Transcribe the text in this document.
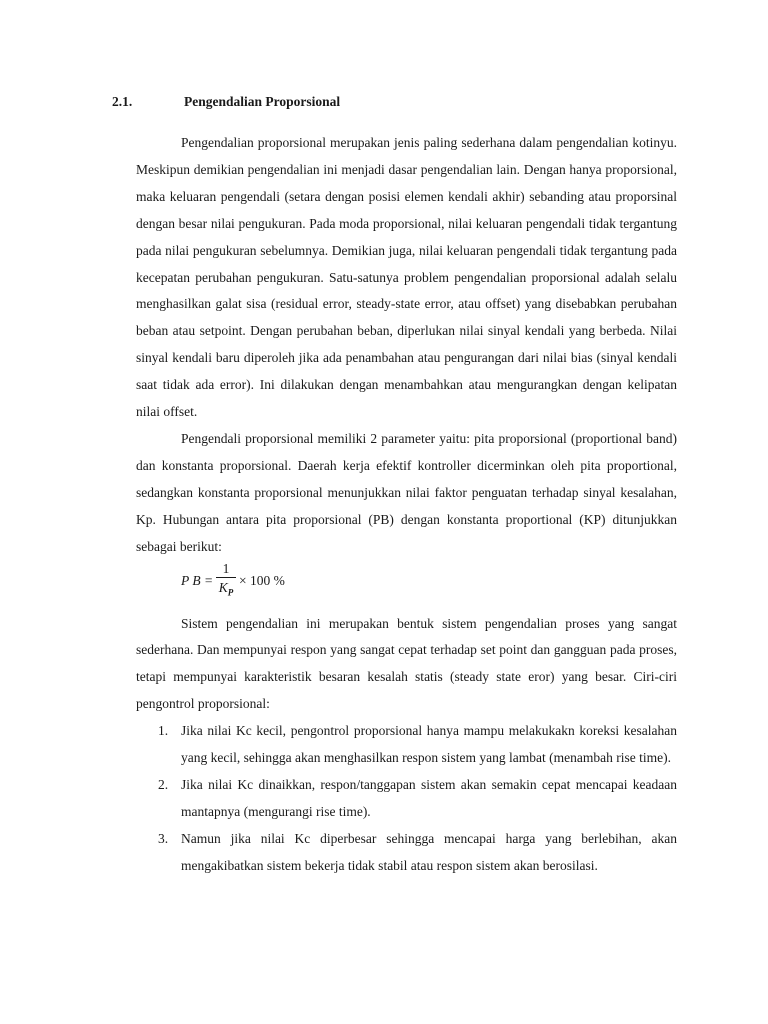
2.1.	Pengendalian Proporsional

Pengendalian proporsional merupakan jenis paling sederhana dalam pengendalian kotinyu. Meskipun demikian pengendalian ini menjadi dasar pengendalian lain. Dengan hanya proporsional, maka keluaran pengendali (setara dengan posisi elemen kendali akhir) sebanding atau proporsinal dengan besar nilai pengukuran. Pada moda proporsional, nilai keluaran pengendali tidak tergantung pada nilai pengukuran sebelumnya. Demikian juga, nilai keluaran pengendali tidak tergantung pada kecepatan perubahan pengukuran. Satu-satunya problem pengendalian proporsional adalah selalu menghasilkan galat sisa (residual error, steady-state error, atau offset) yang disebabkan perubahan beban atau setpoint. Dengan perubahan beban, diperlukan nilai sinyal kendali yang berbeda. Nilai sinyal kendali baru diperoleh jika ada penambahan atau pengurangan dari nilai bias (sinyal kendali saat tidak ada error). Ini dilakukan dengan menambahkan atau mengurangkan dengan kelipatan nilai offset.

Pengendali proporsional memiliki 2 parameter yaitu: pita proporsional (proportional band) dan konstanta proporsional. Daerah kerja efektif kontroller dicerminkan oleh pita proportional, sedangkan konstanta proporsional menunjukkan nilai faktor penguatan terhadap sinyal kesalahan, Kp. Hubungan antara pita proporsional (PB) dengan konstanta proportional (KP) ditunjukkan sebagai berikut:

P B =
1
$K_P$
× 100 %

Sistem pengendalian ini merupakan bentuk sistem pengendalian proses yang sangat sederhana. Dan mempunyai respon yang sangat cepat terhadap set point dan gangguan pada proses, tetapi mempunyai karakteristik besaran kesalah statis (steady state eror) yang besar. Ciri-ciri pengontrol proporsional:

1. Jika nilai Kc kecil, pengontrol proporsional hanya mampu melakukakn koreksi kesalahan yang kecil, sehingga akan menghasilkan respon sistem yang lambat (menambah rise time).
2. Jika nilai Kc dinaikkan, respon/tanggapan sistem akan semakin cepat mencapai keadaan mantapnya (mengurangi rise time).
3. Namun jika nilai Kc diperbesar sehingga mencapai harga yang berlebihan, akan mengakibatkan sistem bekerja tidak stabil atau respon sistem akan berosilasi.
